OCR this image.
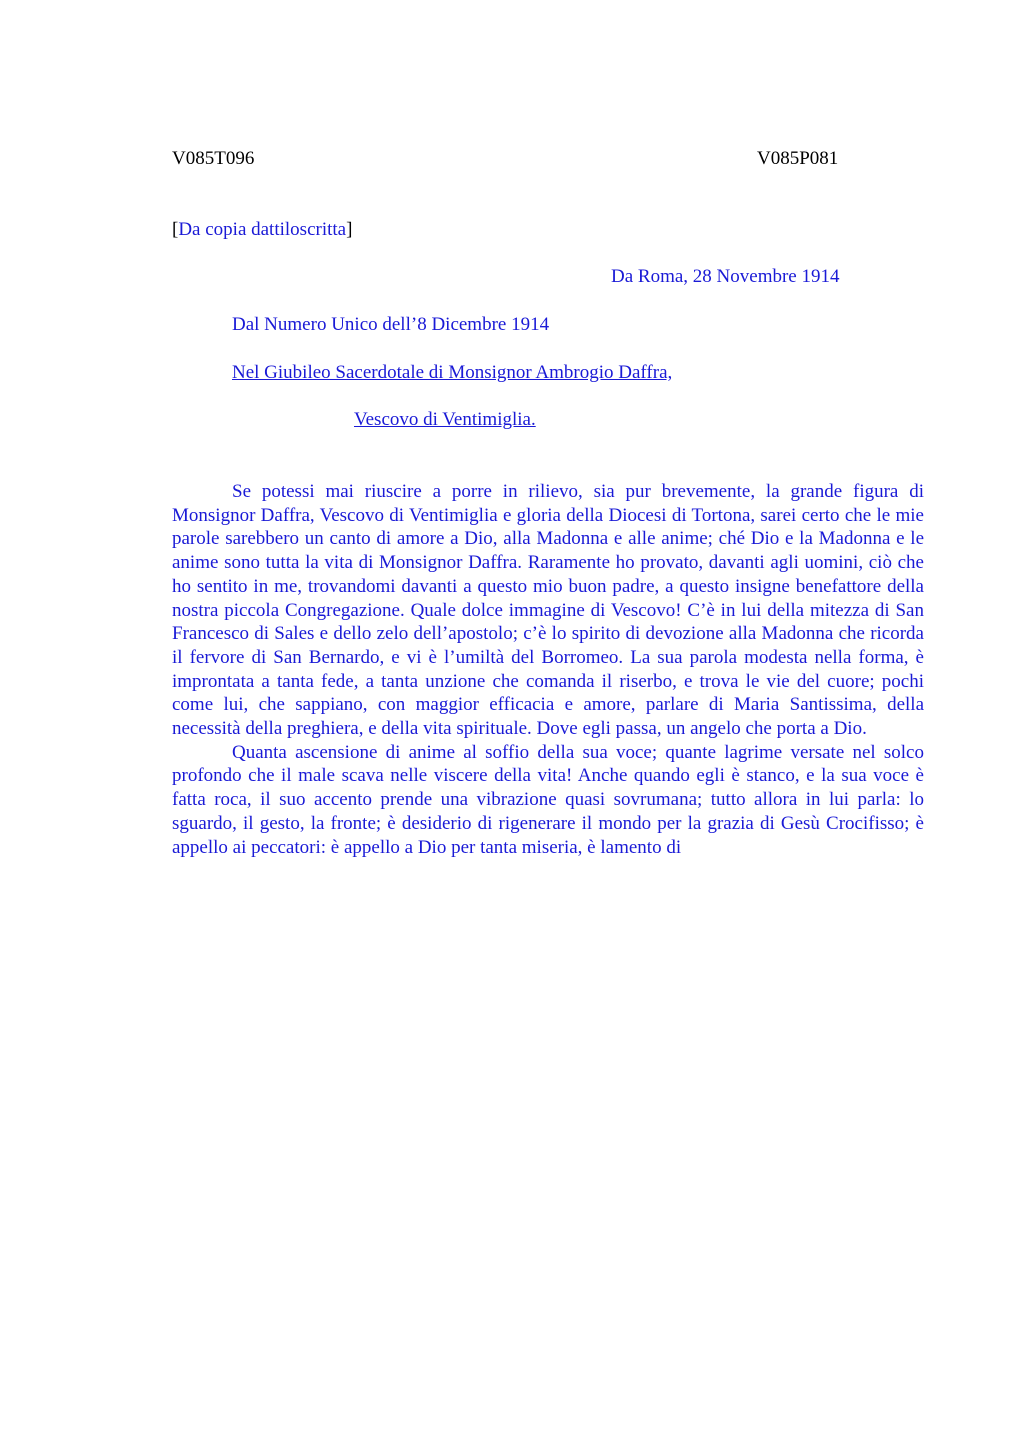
V085T096	V085P081
[Da copia dattiloscritta]
Da Roma, 28 Novembre 1914
Dal Numero Unico dell’8 Dicembre 1914
Nel Giubileo Sacerdotale di Monsignor Ambrogio Daffra,
Vescovo di Ventimiglia.

Se potessi mai riuscire a porre in rilievo, sia pur brevemente, la grande figura di Monsignor Daffra, Vescovo di Ventimiglia e gloria della Diocesi di Tortona, sarei certo che le mie parole sarebbero un canto di amore a Dio, alla Madonna e alle anime; ché Dio e la Madonna e le anime sono tutta la vita di Monsignor Daffra. Raramente ho provato, davanti agli uomini, ciò che ho sentito in me, trovandomi davanti a questo mio buon padre, a questo insigne benefattore della nostra piccola Congregazione. Quale dolce immagine di Vescovo! C’è in lui della mitezza di San Francesco di Sales e dello zelo dell’apostolo; c’è lo spirito di devozione alla Madonna che ricorda il fervore di San Bernardo, e vi è l’umiltà del Borromeo. La sua parola modesta nella forma, è improntata a tanta fede, a tanta unzione che comanda il riserbo, e trova le vie del cuore; pochi come lui, che sappiano, con maggior efficacia e amore, parlare di Maria Santissima, della necessità della preghiera, e della vita spirituale. Dove egli passa, un angelo che porta a Dio.

Quanta ascensione di anime al soffio della sua voce; quante lagrime versate nel solco profondo che il male scava nelle viscere della vita! Anche quando egli è stanco, e la sua voce è fatta roca, il suo accento prende una vibrazione quasi sovrumana; tutto allora in lui parla: lo sguardo, il gesto, la fronte; è desiderio di rigenerare il mondo per la grazia di Gesù Crocifisso; è appello ai peccatori: è appello a Dio per tanta miseria, è lamento di
